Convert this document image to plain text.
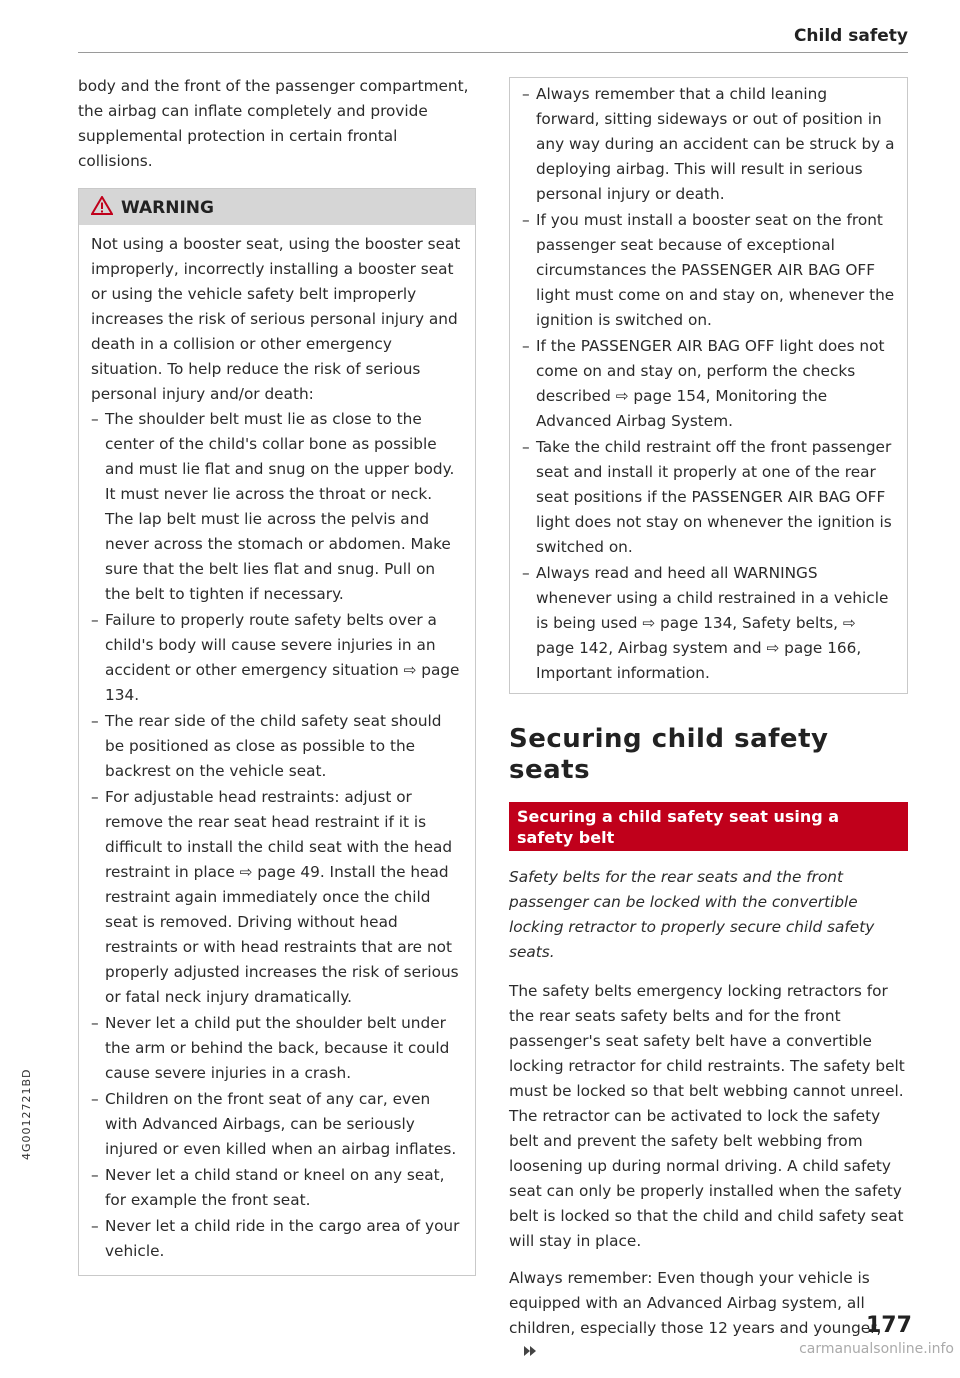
Child safety
4G0012721BD

body and the front of the passenger compartment, the airbag can inflate completely and provide supplemental protection in certain frontal collisions.

WARNING

Not using a booster seat, using the booster seat improperly, incorrectly installing a booster seat or using the vehicle safety belt improperly increases the risk of serious personal injury and death in a collision or other emergency situation. To help reduce the risk of serious personal injury and/or death:

– The shoulder belt must lie as close to the center of the child's collar bone as possible and must lie flat and snug on the upper body. It must never lie across the throat or neck. The lap belt must lie across the pelvis and never across the stomach or abdomen. Make sure that the belt lies flat and snug. Pull on the belt to tighten if necessary.
– Failure to properly route safety belts over a child's body will cause severe injuries in an accident or other emergency situation ⇨ page 134.
– The rear side of the child safety seat should be positioned as close as possible to the backrest on the vehicle seat.
– For adjustable head restraints: adjust or remove the rear seat head restraint if it is difficult to install the child seat with the head restraint in place ⇨ page 49. Install the head restraint again immediately once the child seat is removed. Driving without head restraints or with head restraints that are not properly adjusted increases the risk of serious or fatal neck injury dramatically.
– Never let a child put the shoulder belt under the arm or behind the back, because it could cause severe injuries in a crash.
– Children on the front seat of any car, even with Advanced Airbags, can be seriously injured or even killed when an airbag inflates.
– Never let a child stand or kneel on any seat, for example the front seat.
– Never let a child ride in the cargo area of your vehicle.
– Always remember that a child leaning forward, sitting sideways or out of position in any way during an accident can be struck by a deploying airbag. This will result in serious personal injury or death.
– If you must install a booster seat on the front passenger seat because of exceptional circumstances the PASSENGER AIR BAG OFF light must come on and stay on, whenever the ignition is switched on.
– If the PASSENGER AIR BAG OFF light does not come on and stay on, perform the checks described ⇨ page 154, Monitoring the Advanced Airbag System.
– Take the child restraint off the front passenger seat and install it properly at one of the rear seat positions if the PASSENGER AIR BAG OFF light does not stay on whenever the ignition is switched on.
– Always read and heed all WARNINGS whenever using a child restrained in a vehicle is being used ⇨ page 134, Safety belts, ⇨ page 142, Airbag system and ⇨ page 166, Important information.
Securing child safety seats
Securing a child safety seat using a safety belt

Safety belts for the rear seats and the front passenger can be locked with the convertible locking retractor to properly secure child safety seats.

The safety belts emergency locking retractors for the rear seats safety belts and for the front passenger's seat safety belt have a convertible locking retractor for child restraints. The safety belt must be locked so that belt webbing cannot unreel. The retractor can be activated to lock the safety belt and prevent the safety belt webbing from loosening up during normal driving. A child safety seat can only be properly installed when the safety belt is locked so that the child and child safety seat will stay in place.

Always remember: Even though your vehicle is equipped with an Advanced Airbag system, all children, especially those 12 years and younger,

177
carmanualsonline.info
